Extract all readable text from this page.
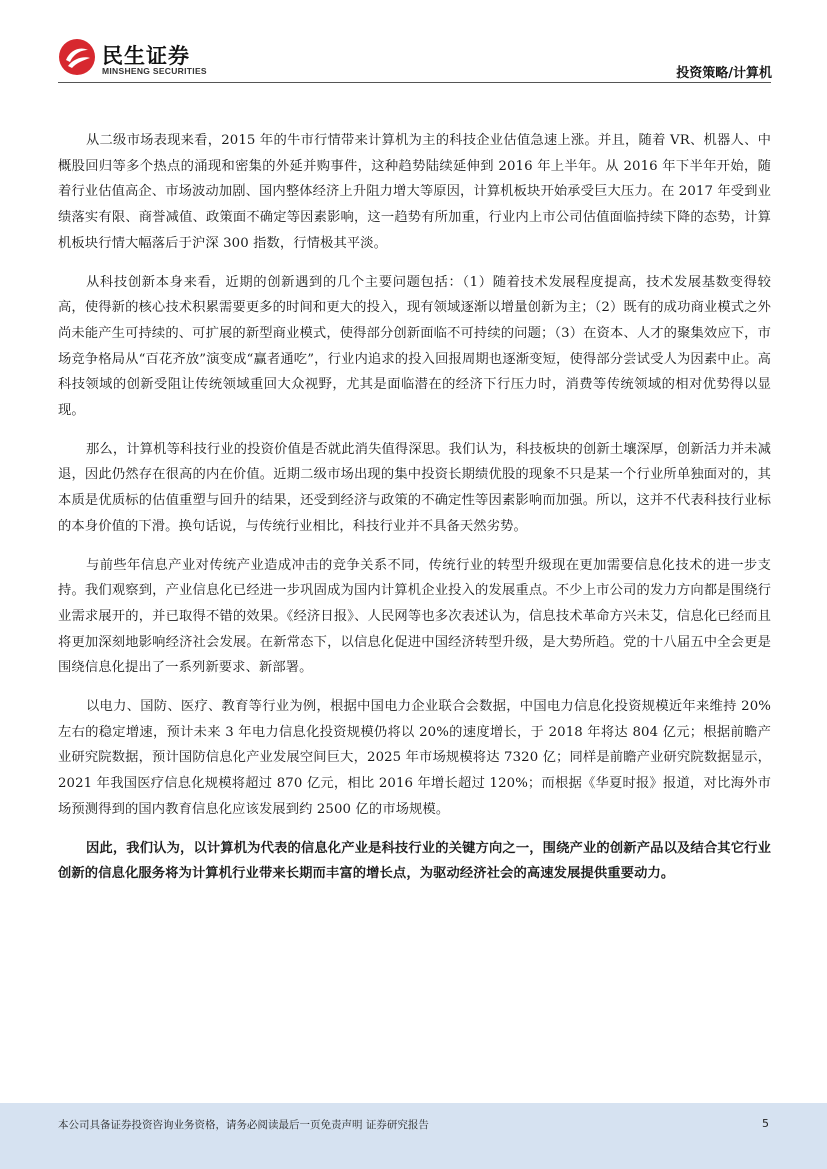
民生证券
MINSHENG SECURITIES	投资策略/计算机

从二级市场表现来看，2015 年的牛市行情带来计算机为主的科技企业估值急速上涨。并且，随着 VR、机器人、中概股回归等多个热点的涌现和密集的外延并购事件，这种趋势陆续延伸到 2016 年上半年。从 2016 年下半年开始，随着行业估值高企、市场波动加剧、国内整体经济上升阻力增大等原因，计算机板块开始承受巨大压力。在 2017 年受到业绩落实有限、商誉减值、政策面不确定等因素影响，这一趋势有所加重，行业内上市公司估值面临持续下降的态势，计算机板块行情大幅落后于沪深 300 指数，行情极其平淡。

从科技创新本身来看，近期的创新遇到的几个主要问题包括：（1）随着技术发展程度提高，技术发展基数变得较高，使得新的核心技术积累需要更多的时间和更大的投入，现有领域逐渐以增量创新为主；（2）既有的成功商业模式之外尚未能产生可持续的、可扩展的新型商业模式，使得部分创新面临不可持续的问题；（3）在资本、人才的聚集效应下，市场竞争格局从“百花齐放”演变成“赢者通吃”，行业内追求的投入回报周期也逐渐变短，使得部分尝试受人为因素中止。高科技领域的创新受阻让传统领域重回大众视野，尤其是面临潜在的经济下行压力时，消费等传统领域的相对优势得以显现。

那么，计算机等科技行业的投资价值是否就此消失值得深思。我们认为，科技板块的创新土壤深厚，创新活力并未减退，因此仍然存在很高的内在价值。近期二级市场出现的集中投资长期绩优股的现象不只是某一个行业所单独面对的，其本质是优质标的估值重塑与回升的结果，还受到经济与政策的不确定性等因素影响而加强。所以，这并不代表科技行业标的本身价值的下滑。换句话说，与传统行业相比，科技行业并不具备天然劣势。

与前些年信息产业对传统产业造成冲击的竞争关系不同，传统行业的转型升级现在更加需要信息化技术的进一步支持。我们观察到，产业信息化已经进一步巩固成为国内计算机企业投入的发展重点。不少上市公司的发力方向都是围绕行业需求展开的，并已取得不错的效果。《经济日报》、人民网等也多次表述认为，信息技术革命方兴未艾，信息化已经而且将更加深刻地影响经济社会发展。在新常态下，以信息化促进中国经济转型升级，是大势所趋。党的十八届五中全会更是围绕信息化提出了一系列新要求、新部署。

以电力、国防、医疗、教育等行业为例，根据中国电力企业联合会数据，中国电力信息化投资规模近年来维持 20%左右的稳定增速，预计未来 3 年电力信息化投资规模仍将以 20%的速度增长，于 2018 年将达 804 亿元；根据前瞻产业研究院数据，预计国防信息化产业发展空间巨大，2025 年市场规模将达 7320 亿；同样是前瞻产业研究院数据显示，2021 年我国医疗信息化规模将超过 870 亿元，相比 2016 年增长超过 120%；而根据《华夏时报》报道，对比海外市场预测得到的国内教育信息化应该发展到约 2500 亿的市场规模。

因此，我们认为，以计算机为代表的信息化产业是科技行业的关键方向之一，围绕产业的创新产品以及结合其它行业创新的信息化服务将为计算机行业带来长期而丰富的增长点，为驱动经济社会的高速发展提供重要动力。

本公司具备证券投资咨询业务资格，请务必阅读最后一页免责声明 证券研究报告	5
